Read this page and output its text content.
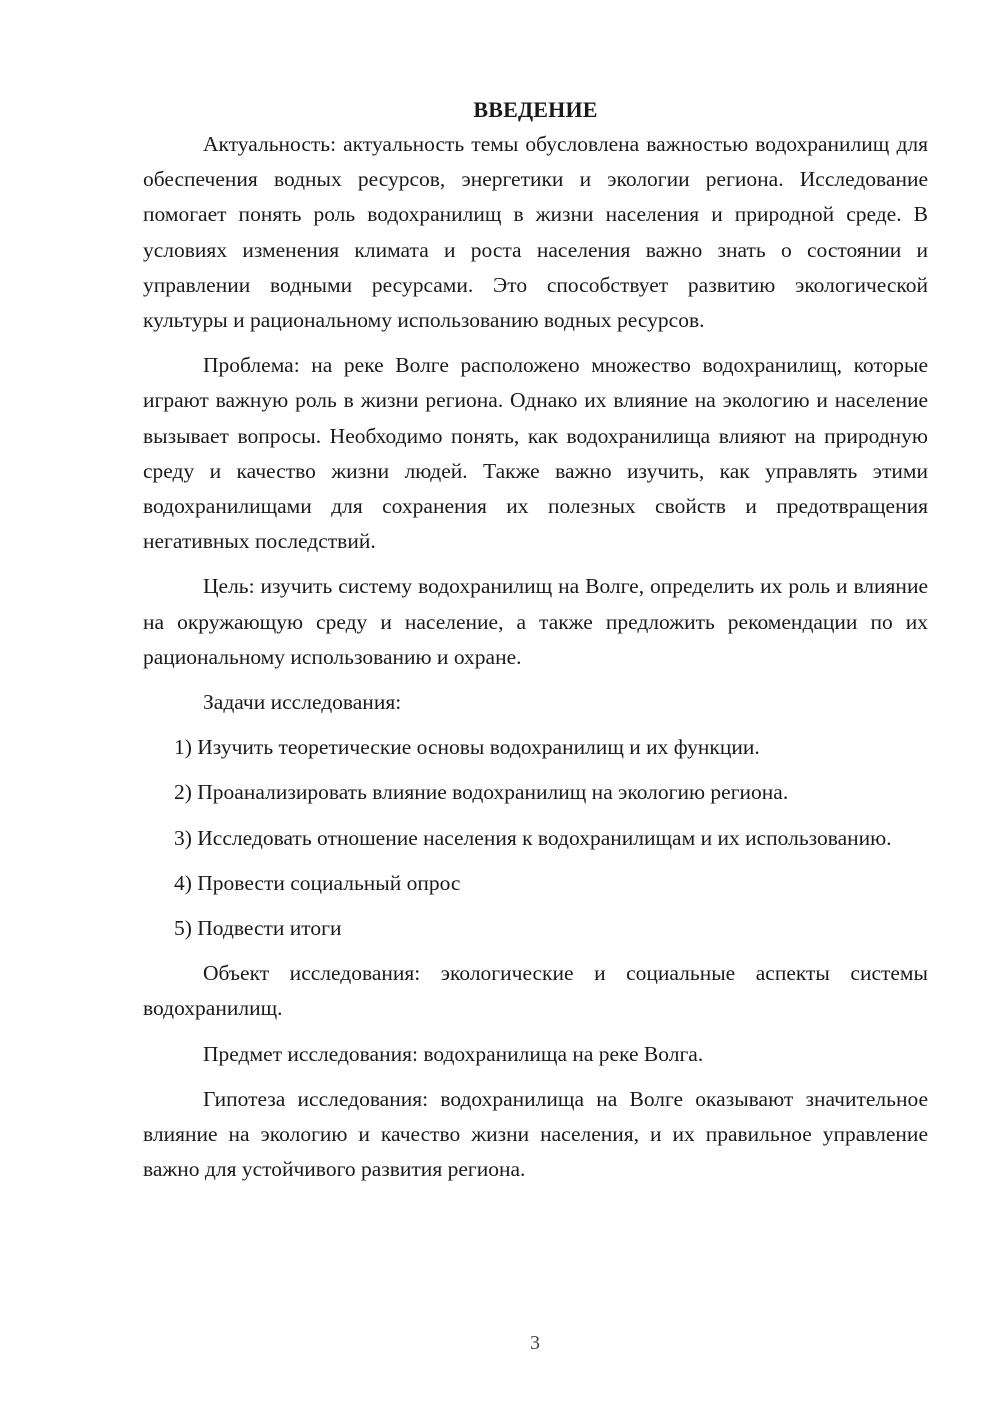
ВВЕДЕНИЕ

Актуальность: актуальность темы обусловлена важностью водохранилищ для обеспечения водных ресурсов, энергетики и экологии региона. Исследование помогает понять роль водохранилищ в жизни населения и природной среде. В условиях изменения климата и роста населения важно знать о состоянии и управлении водными ресурсами. Это способствует развитию экологической культуры и рациональному использованию водных ресурсов.

Проблема: на реке Волге расположено множество водохранилищ, которые играют важную роль в жизни региона. Однако их влияние на экологию и население вызывает вопросы. Необходимо понять, как водохранилища влияют на природную среду и качество жизни людей. Также важно изучить, как управлять этими водохранилищами для сохранения их полезных свойств и предотвращения негативных последствий.

Цель: изучить систему водохранилищ на Волге, определить их роль и влияние на окружающую среду и население, а также предложить рекомендации по их рациональному использованию и охране.

Задачи исследования:

1) Изучить теоретические основы водохранилищ и их функции.

2) Проанализировать влияние водохранилищ на экологию региона.

3) Исследовать отношение населения к водохранилищам и их использованию.

4) Провести социальный опрос

5) Подвести итоги

Объект исследования: экологические и социальные аспекты системы водохранилищ.

Предмет исследования: водохранилища на реке Волга.

Гипотеза исследования: водохранилища на Волге оказывают значительное влияние на экологию и качество жизни населения, и их правильное управление важно для устойчивого развития региона.

3
